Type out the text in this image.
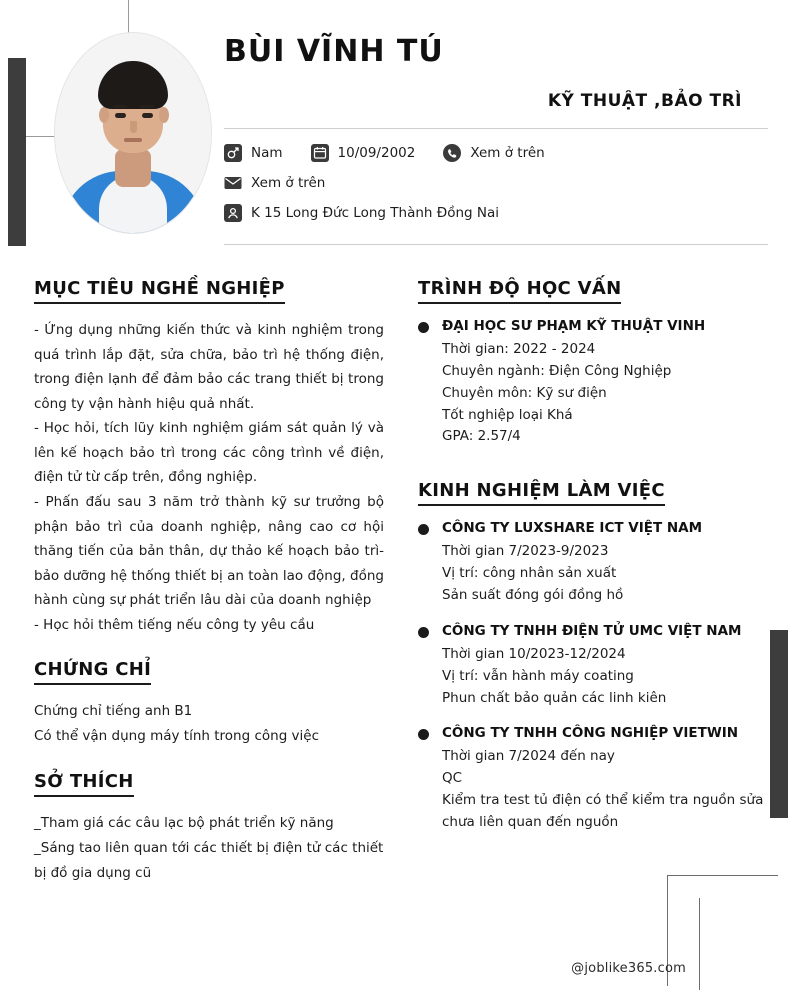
BÙI VĨNH TÚ
KỸ THUẬT ,BẢO TRÌ
Nam	10/09/2002	Xem ở trên
Xem ở trên
K 15 Long Đức Long Thành Đồng Nai
MỤC TIÊU NGHỀ NGHIỆP

- Ứng dụng những kiến thức và kinh nghiệm trong quá trình lắp đặt, sửa chữa, bảo trì hệ thống điện, trong điện lạnh để đảm bảo các trang thiết bị trong công ty vận hành hiệu quả nhất.

- Học hỏi, tích lũy kinh nghiệm giám sát quản lý và lên kế hoạch bảo trì trong các công trình về điện, điện tử từ cấp trên, đồng nghiệp.

- Phấn đấu sau 3 năm trở thành kỹ sư trưởng bộ phận bảo trì của doanh nghiệp, nâng cao cơ hội thăng tiến của bản thân, dự thảo kế hoạch bảo trì- bảo dưỡng hệ thống thiết bị an toàn lao động, đồng hành cùng sự phát triển lâu dài của doanh nghiệp

- Học hỏi thêm tiếng nếu công ty yêu cầu

CHỨNG CHỈ
Chứng chỉ tiếng anh B1
Có thể vận dụng máy tính trong công việc
SỞ THÍCH
_Tham giá các câu lạc bộ phát triển kỹ năng
_Sáng tao liên quan tới các thiết bị điện tử các thiết bị đồ gia dụng cũ
TRÌNH ĐỘ HỌC VẤN
ĐẠI HỌC SƯ PHẠM KỸ THUẬT VINH
Thời gian: 2022 - 2024
Chuyên ngành: Điện Công Nghiệp
Chuyên môn: Kỹ sư điện
Tốt nghiệp loại Khá
GPA: 2.57/4
KINH NGHIỆM LÀM VIỆC
CÔNG TY LUXSHARE ICT VIỆT NAM
Thời gian 7/2023-9/2023
Vị trí: công nhân sản xuất
Sản suất đóng gói đồng hồ
CÔNG TY TNHH ĐIỆN TỬ UMC VIỆT NAM
Thời gian 10/2023-12/2024
Vị trí: vẫn hành máy coating
Phun chất bảo quản các linh kiên
CÔNG TY TNHH CÔNG NGHIỆP VIETWIN
Thời gian 7/2024 đến nay
QC
Kiểm tra test tủ điện có thể kiểm tra nguồn sửa chưa liên quan đến nguồn
@joblike365.com
